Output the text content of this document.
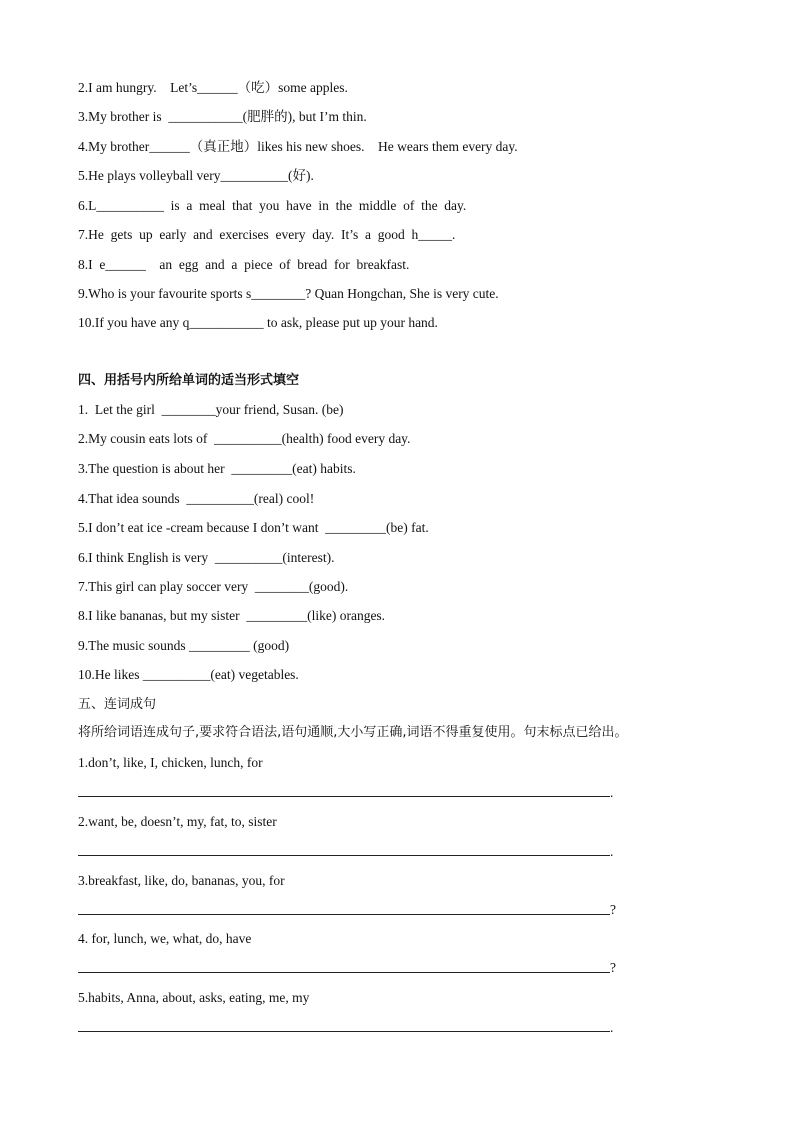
2.I am hungry.    Let’s______（吃）some apples.
3.My brother is  ___________(肥胖的), but I’m thin.
4.My brother______（真正地）likes his new shoes.    He wears them every day.
5.He plays volleyball very__________(好).
6.L__________  is  a  meal  that  you  have  in  the  middle  of  the  day.
7.He  gets  up  early  and  exercises  every  day.  It’s  a  good  h_____.
8.I  e______    an  egg  and  a  piece  of  bread  for  breakfast.
9.Who is your favourite sports s________? Quan Hongchan, She is very cute.
10.If you have any q___________ to ask, please put up your hand.
四、用括号内所给单词的适当形式填空
1.  Let the girl  ________your friend, Susan. (be)
2.My cousin eats lots of  __________(health) food every day.
3.The question is about her  _________(eat) habits.
4.That idea sounds  __________(real) cool!
5.I don’t eat ice -cream because I don’t want  _________(be) fat.
6.I think English is very  __________(interest).
7.This girl can play soccer very  ________(good).
8.I like bananas, but my sister  _________(like) oranges.
9.The music sounds _________ (good)
10.He likes __________(eat) vegetables.
五、连词成句
将所给词语连成句子,要求符合语法,语句通顺,大小写正确,词语不得重复使用。句末标点已给出。
1.don’t, like, I, chicken, lunch, for
.
2.want, be, doesn’t, my, fat, to, sister
.
3.breakfast, like, do, bananas, you, for
?
4. for, lunch, we, what, do, have
?
5.habits, Anna, about, asks, eating, me, my
.
